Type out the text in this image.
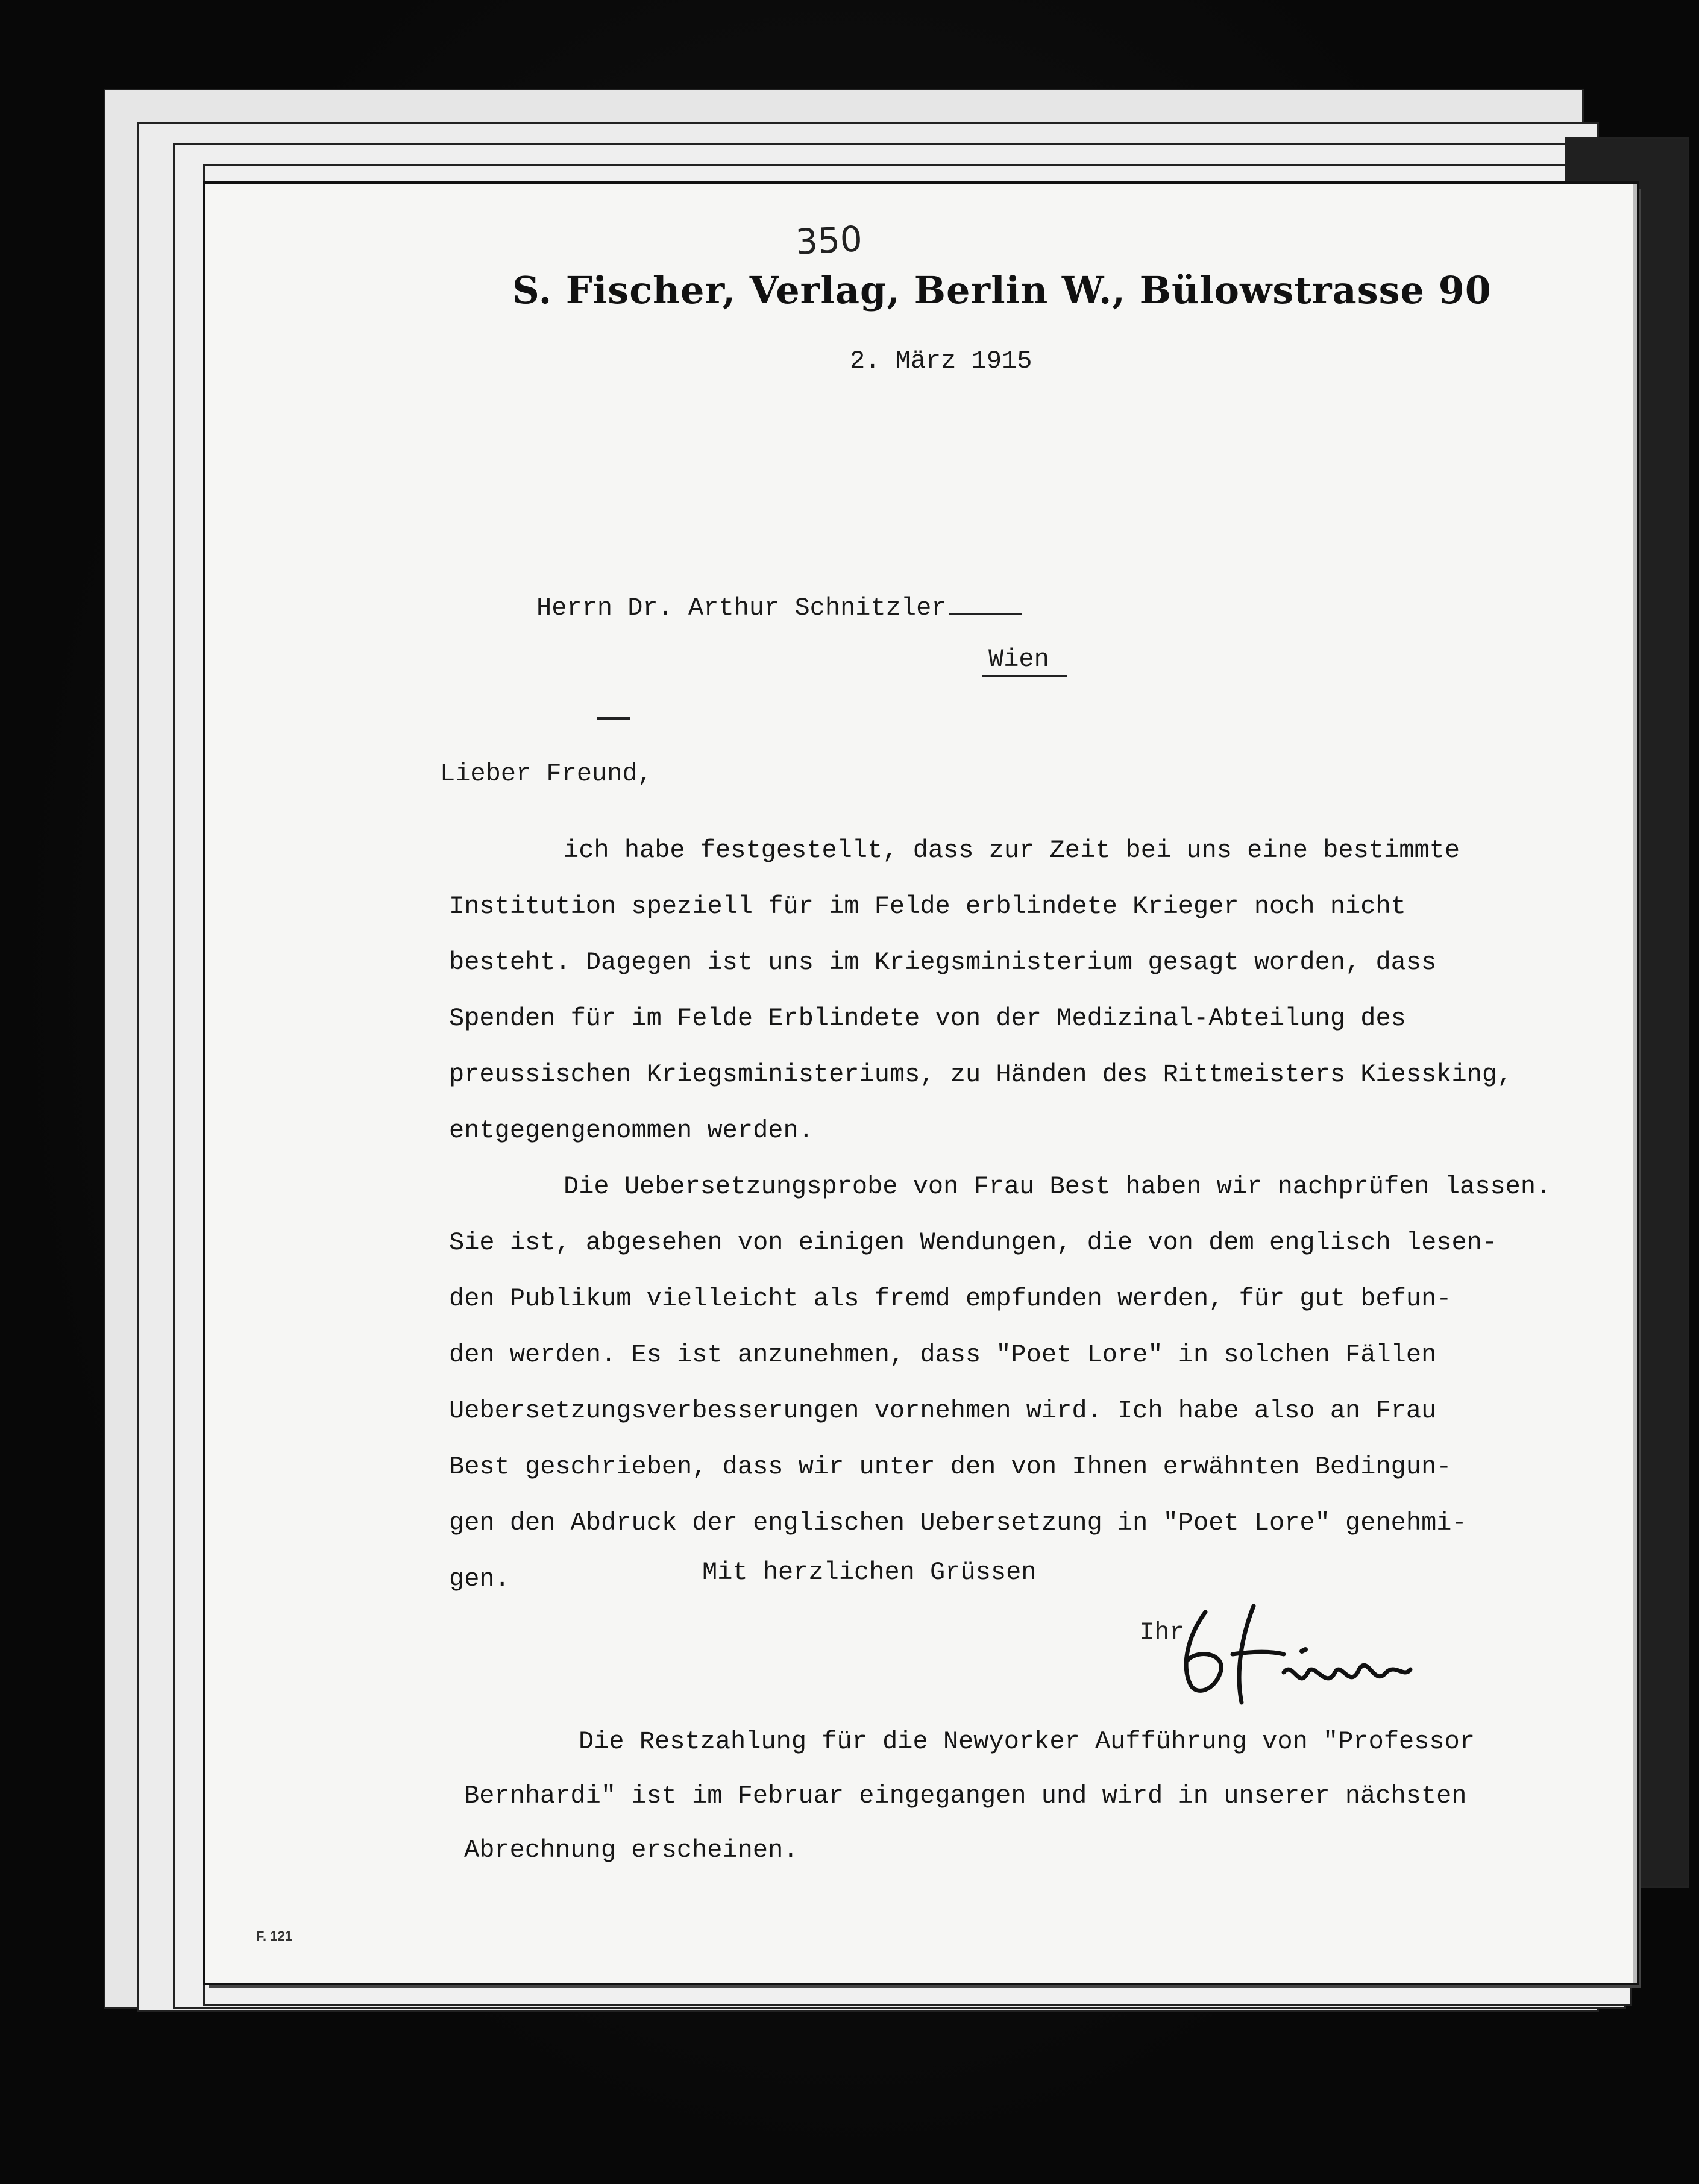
350
S. Fischer, Verlag, Berlin W., Bülowstrasse 90
2. März 1915
Herrn Dr. Arthur Schnitzler
Wien
Lieber Freund,
ich habe festgestellt, dass zur Zeit bei uns eine bestimmte
Institution speziell für im Felde erblindete Krieger noch nicht
besteht. Dagegen ist uns im Kriegsministerium gesagt worden, dass
Spenden für im Felde Erblindete von der Medizinal-Abteilung des
preussischen Kriegsministeriums, zu Händen des Rittmeisters Kiessking,
entgegengenommen werden.
Die Uebersetzungsprobe von Frau Best haben wir nachprüfen lassen.
Sie ist, abgesehen von einigen Wendungen, die von dem englisch lesen-
den Publikum vielleicht als fremd empfunden werden, für gut befun-
den werden. Es ist anzunehmen, dass "Poet Lore" in solchen Fällen
Uebersetzungsverbesserungen vornehmen wird. Ich habe also an Frau
Best geschrieben, dass wir unter den von Ihnen erwähnten Bedingun-
gen den Abdruck der englischen Uebersetzung in "Poet Lore" genehmi-
gen.	Mit herzlichen Grüssen
Ihr
Die Restzahlung für die Newyorker Aufführung von "Professor
Bernhardi" ist im Februar eingegangen und wird in unserer nächsten
Abrechnung erscheinen.
F. 121
